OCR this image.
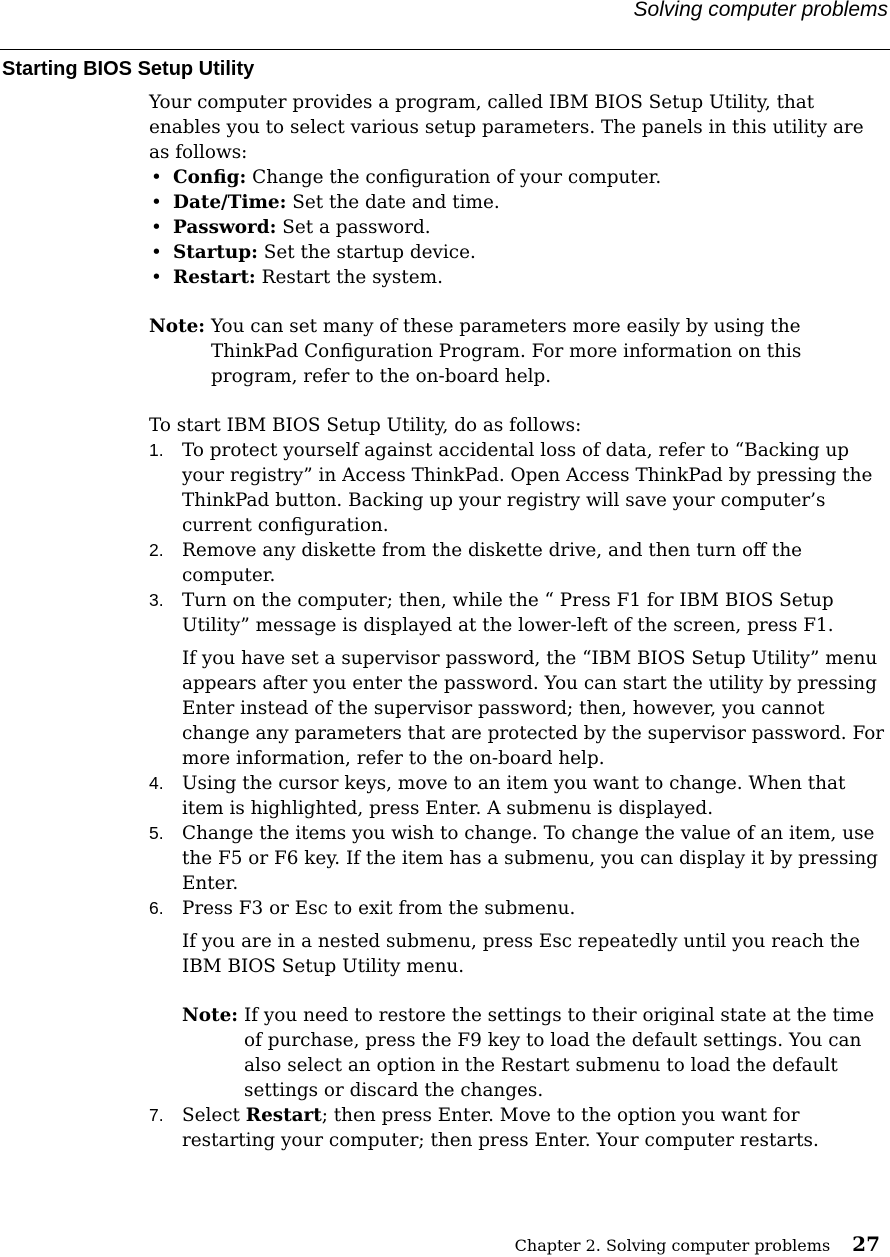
Solving computer problems
Starting BIOS Setup Utility

Your computer provides a program, called IBM BIOS Setup Utility, that enables you to select various setup parameters. The panels in this utility are as follows:

• Config: Change the configuration of your computer.
• Date/Time: Set the date and time.
• Password: Set a password.
• Startup: Set the startup device.
• Restart: Restart the system.
Note: You can set many of these parameters more easily by using the ThinkPad Configuration Program. For more information on this program, refer to the on-board help.

To start IBM BIOS Setup Utility, do as follows:

1. To protect yourself against accidental loss of data, refer to “Backing up your registry” in Access ThinkPad. Open Access ThinkPad by pressing the ThinkPad button. Backing up your registry will save your computer’s current configuration.
2. Remove any diskette from the diskette drive, and then turn off the computer.
3. Turn on the computer; then, while the “ Press F1 for IBM BIOS Setup Utility” message is displayed at the lower-left of the screen, press F1.

If you have set a supervisor password, the “IBM BIOS Setup Utility” menu appears after you enter the password. You can start the utility by pressing Enter instead of the supervisor password; then, however, you cannot change any parameters that are protected by the supervisor password. For more information, refer to the on-board help.

4. Using the cursor keys, move to an item you want to change. When that item is highlighted, press Enter. A submenu is displayed.
5. Change the items you wish to change. To change the value of an item, use the F5 or F6 key. If the item has a submenu, you can display it by pressing Enter.
6. Press F3 or Esc to exit from the submenu.

If you are in a nested submenu, press Esc repeatedly until you reach the IBM BIOS Setup Utility menu.

Note: If you need to restore the settings to their original state at the time of purchase, press the F9 key to load the default settings. You can also select an option in the Restart submenu to load the default settings or discard the changes.
7. Select Restart; then press Enter. Move to the option you want for restarting your computer; then press Enter. Your computer restarts.
Chapter 2. Solving computer problems 27
